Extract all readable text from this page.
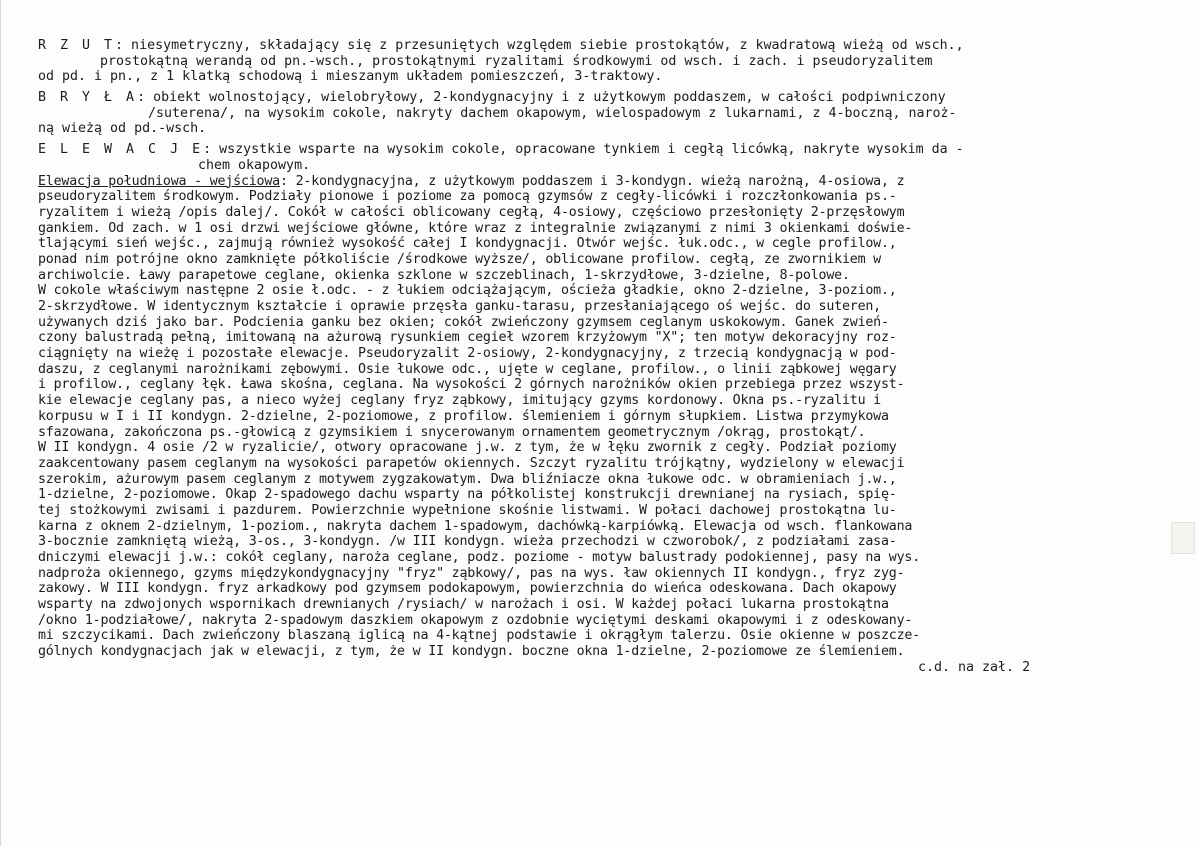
R Z U T: niesymetryczny, składający się z przesuniętych względem siebie prostokątów, z kwadratową wieżą od wsch.,
prostokątną werandą od pn.-wsch., prostokątnymi ryzalitami środkowymi od wsch. i zach. i pseudoryzalitem
od pd. i pn., z 1 klatką schodową i mieszanym układem pomieszczeń, 3-traktowy.
B R Y Ł A: obiekt wolnostojący, wielobryłowy, 2-kondygnacyjny i z użytkowym poddaszem, w całości podpiwniczony
/suterena/, na wysokim cokole, nakryty dachem okapowym, wielospadowym z lukarnami, z 4-boczną, naroż-
ną wieżą od pd.-wsch.
E L E W A C J E: wszystkie wsparte na wysokim cokole, opracowane tynkiem i cegłą licówką, nakryte wysokim da -
chem okapowym.
Elewacja południowa - wejściowa: 2-kondygnacyjna, z użytkowym poddaszem i 3-kondygn. wieżą narożną, 4-osiowa, z
pseudoryzalitem środkowym. Podziały pionowe i poziome za pomocą gzymsów z cegły-licówki i rozczłonkowania ps.-
ryzalitem i wieżą /opis dalej/. Cokół w całości oblicowany cegłą, 4-osiowy, częściowo przesłonięty 2-przęsłowym
gankiem. Od zach. w 1 osi drzwi wejściowe główne, które wraz z integralnie związanymi z nimi 3 okienkami doświe-
tlającymi sień wejśc., zajmują również wysokość całej I kondygnacji. Otwór wejśc. łuk.odc., w cegle profilow.,
ponad nim potrójne okno zamknięte półkoliście /środkowe wyższe/, oblicowane profilow. cegłą, ze zwornikiem w
archiwolcie. Ławy parapetowe ceglane, okienka szklone w szczeblinach, 1-skrzydłowe, 3-dzielne, 8-polowe.
W cokole właściwym następne 2 osie ł.odc. - z łukiem odciążającym, ościeża gładkie, okno 2-dzielne, 3-poziom.,
2-skrzydłowe. W identycznym kształcie i oprawie przęsła ganku-tarasu, przesłaniającego oś wejśc. do suteren,
używanych dziś jako bar. Podcienia ganku bez okien; cokół zwieńczony gzymsem ceglanym uskokowym. Ganek zwień-
czony balustradą pełną, imitowaną na ażurową rysunkiem cegieł wzorem krzyżowym "X"; ten motyw dekoracyjny roz-
ciągnięty na wieżę i pozostałe elewacje. Pseudoryzalit 2-osiowy, 2-kondygnacyjny, z trzecią kondygnacją w pod-
daszu, z ceglanymi narożnikami zębowymi. Osie łukowe odc., ujęte w ceglane, profilow., o linii ząbkowej węgary
i profilow., ceglany łęk. Ława skośna, ceglana. Na wysokości 2 górnych narożników okien przebiega przez wszyst-
kie elewacje ceglany pas, a nieco wyżej ceglany fryz ząbkowy, imitujący gzyms kordonowy. Okna ps.-ryzalitu i
korpusu w I i II kondygn. 2-dzielne, 2-poziomowe, z profilow. ślemieniem i górnym słupkiem. Listwa przymykowa
sfazowana, zakończona ps.-głowicą z gzymsikiem i snycerowanym ornamentem geometrycznym /okrąg, prostokąt/.
W II kondygn. 4 osie /2 w ryzalicie/, otwory opracowane j.w. z tym, że w łęku zwornik z cegły. Podział poziomy
zaakcentowany pasem ceglanym na wysokości parapetów okiennych. Szczyt ryzalitu trójkątny, wydzielony w elewacji
szerokim, ażurowym pasem ceglanym z motywem zygzakowatym. Dwa bliźniacze okna łukowe odc. w obramieniach j.w.,
1-dzielne, 2-poziomowe. Okap 2-spadowego dachu wsparty na półkolistej konstrukcji drewnianej na rysiach, spię-
tej stożkowymi zwisami i pazdurem. Powierzchnie wypełnione skośnie listwami. W połaci dachowej prostokątna lu-
karna z oknem 2-dzielnym, 1-poziom., nakryta dachem 1-spadowym, dachówką-karpiówką. Elewacja od wsch. flankowana
3-bocznie zamkniętą wieżą, 3-os., 3-kondygn. /w III kondygn. wieża przechodzi w czworobok/, z podziałami zasa-
dniczymi elewacji j.w.: cokół ceglany, naroża ceglane, podz. poziome - motyw balustrady podokiennej, pasy na wys.
nadproża okiennego, gzyms międzykondygnacyjny "fryz" ząbkowy/, pas na wys. ław okiennych II kondygn., fryz zyg-
zakowy. W III kondygn. fryz arkadkowy pod gzymsem podokapowym, powierzchnia do wieńca odeskowana. Dach okapowy
wsparty na zdwojonych wspornikach drewnianych /rysiach/ w narożach i osi. W każdej połaci lukarna prostokątna
/okno 1-podziałowe/, nakryta 2-spadowym daszkiem okapowym z ozdobnie wyciętymi deskami okapowymi i z odeskowany-
mi szczycikami. Dach zwieńczony blaszaną iglicą na 4-kątnej podstawie i okrągłym talerzu. Osie okienne w poszcze-
gólnych kondygnacjach jak w elewacji, z tym, że w II kondygn. boczne okna 1-dzielne, 2-poziomowe ze ślemieniem.
c.d. na zał. 2
